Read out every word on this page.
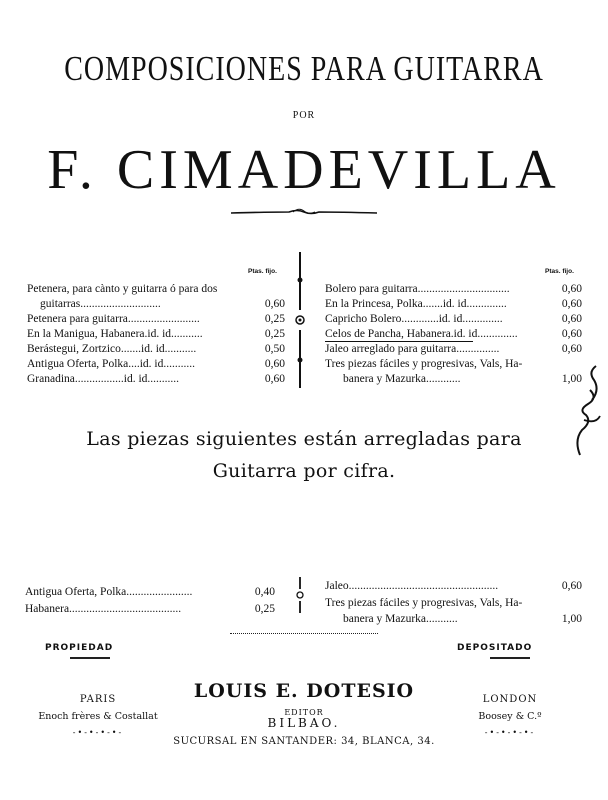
COMPOSICIONES PARA GUITARRA
POR
F. CIMADEVILLA
Ptas. fijo.	Ptas. fijo.
Petenera, para cànto y guitarra ó para dos
guitarras............................	0,60
Petenera para guitarra.........................	0,25
En la Manigua, Habanera.id. id...........	0,25
Berástegui, Zortzico.......id. id...........	0,50
Antigua Oferta, Polka....id. id...........	0,60
Granadina.................id. id...........	0,60
Bolero para guitarra................................	0,60
En la Princesa, Polka.......id. id..............	0,60
Capricho Bolero.............id. id..............	0,60
Celos de Pancha, Habanera.id. id..............	0,60
Jaleo arreglado para guitarra...............	0,60
Tres piezas fáciles y progresivas, Vals, Ha-
banera y Mazurka............	1,00
Las piezas siguientes están arregladas para
Guitarra por cifra.
Antigua Oferta, Polka.......................	0,40
Habanera.......................................	0,25
Jaleo....................................................	0,60
Tres piezas fáciles y progresivas, Vals, Ha-
banera y Mazurka...........	1,00
PROPIEDAD	DEPOSITADO
PARIS
Enoch frères & Costallat
-•-•-•-•-
LOUIS E. DOTESIO
EDITOR
BILBAO.
SUCURSAL EN SANTANDER: 34, BLANCA, 34.
LONDON
Boosey & C.º
-•-•-•-•-
